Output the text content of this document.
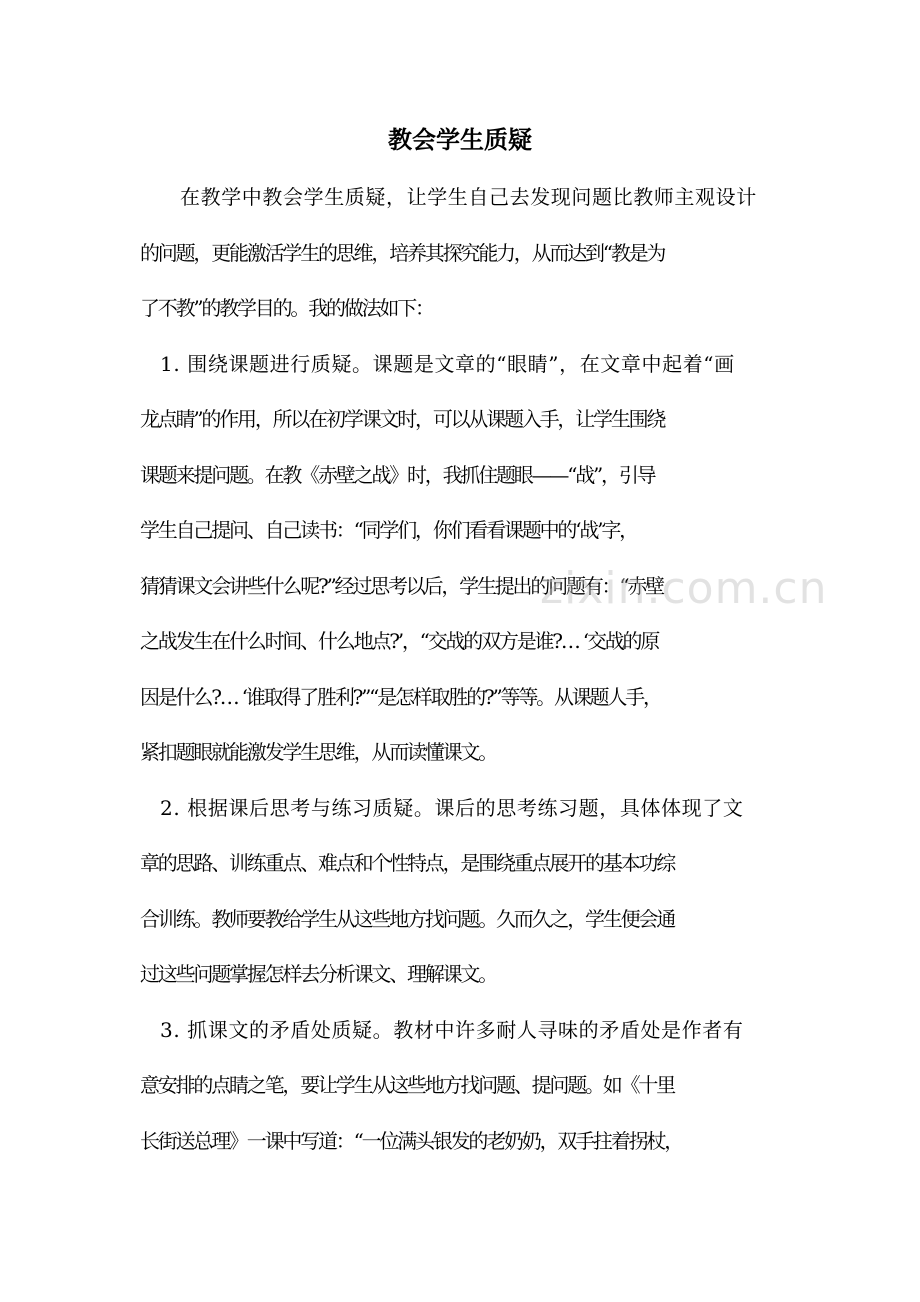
教会学生质疑

在教学中教会学生质疑，让学生自己去发现问题比教师主观设计
的问题，更能激活学生的思维，培养其探究能力，从而达到“教是为
了不教”的教学目的。我的做法如下：

1. 围绕课题进行质疑。课题是文章的“眼睛”，在文章中起着“画
龙点睛”的作用，所以在初学课文时，可以从课题入手，让学生围绕
课题来提问题。在教《赤壁之战》时，我抓住题眼——“战”，引导
学生自己提问、自己读书：“同学们，你们看看课题中的‘战’字，
猜猜课文会讲些什么呢?”经过思考以后，学生提出的问题有：“赤壁
之战发生在什么时间、什么地点?’，“交战的双方是谁?… ‘交战的原
因是什么?… ‘谁取得了胜利?”“是怎样取胜的?”等等。从课题人手，
紧扣题眼就能激发学生思维，从而读懂课文。

2. 根据课后思考与练习质疑。课后的思考练习题，具体体现了文
章的思路、训练重点、难点和个性特点，是围绕重点展开的基本功综
合训练。教师要教给学生从这些地方找问题。久而久之，学生便会通
过这些问题掌握怎样去分析课文、理解课文。

3. 抓课文的矛盾处质疑。教材中许多耐人寻味的矛盾处是作者有
意安排的点睛之笔，要让学生从这些地方找问题、提问题。如《十里
长街送总理》一课中写道：“一位满头银发的老奶奶，双手拄着拐杖，

zixin.com.cn
